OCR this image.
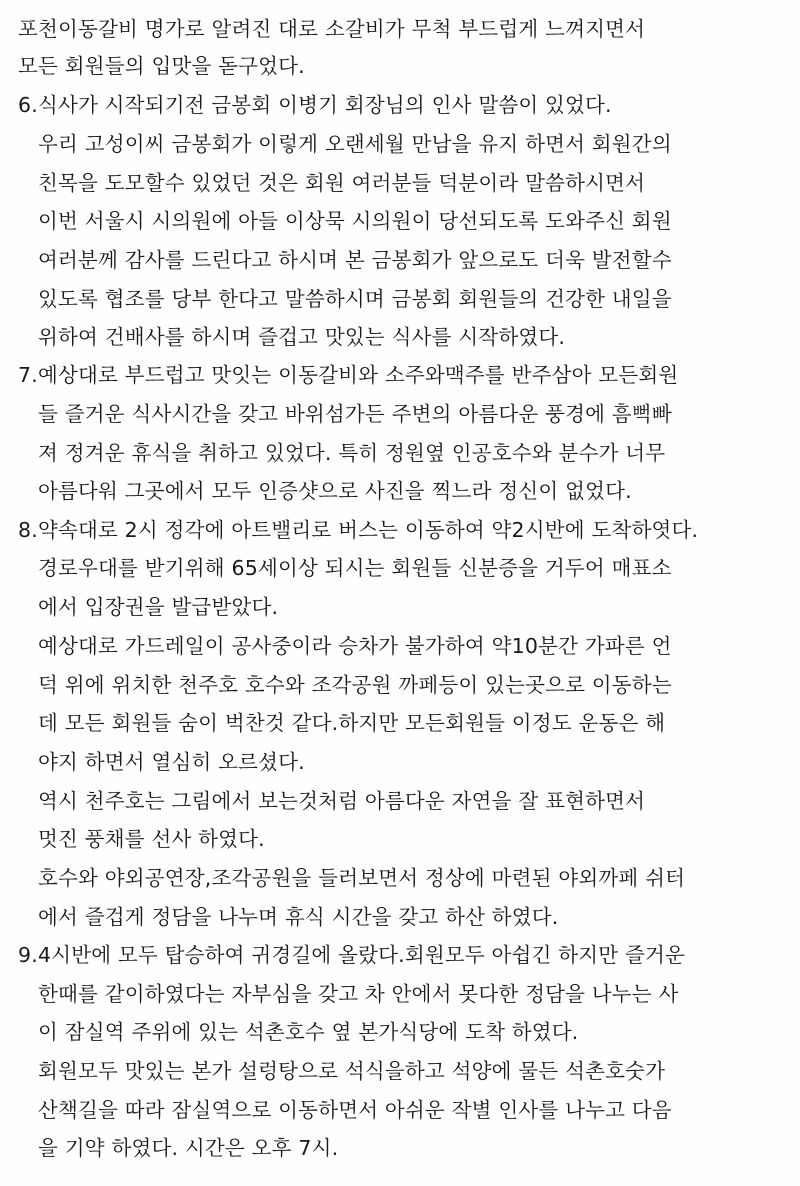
포천이동갈비 명가로 알려진 대로 소갈비가 무척 부드럽게 느껴지면서
모든 회원들의 입맛을 돋구었다.
6.식사가 시작되기전 금봉회 이병기 회장님의 인사 말씀이 있었다.
우리 고성이씨 금봉회가 이렇게 오랜세월 만남을 유지 하면서 회원간의
친목을 도모할수 있었던 것은 회원 여러분들 덕분이라 말씀하시면서
이번 서울시 시의원에 아들 이상묵 시의원이 당선되도록 도와주신 회원
여러분께 감사를 드린다고 하시며 본 금봉회가 앞으로도 더욱 발전할수
있도록 협조를 당부 한다고 말씀하시며 금봉회 회원들의 건강한 내일을
위하여 건배사를 하시며 즐겁고 맛있는 식사를 시작하였다.
7.예상대로 부드럽고 맛잇는 이동갈비와 소주와맥주를 반주삼아 모든회원
들 즐거운 식사시간을 갖고 바위섬가든 주변의 아름다운 풍경에 흠뻑빠
져 정겨운 휴식을 취하고 있었다. 특히 정원옆 인공호수와 분수가 너무
아름다워 그곳에서 모두 인증샷으로 사진을 찍느라 정신이 없었다.
8.약속대로 2시 정각에 아트밸리로 버스는 이동하여 약2시반에 도착하엿다.
경로우대를 받기위해 65세이상 되시는 회원들 신분증을 거두어 매표소
에서 입장권을 발급받았다.
예상대로 가드레일이 공사중이라 승차가 불가하여 약10분간 가파른 언
덕 위에 위치한 천주호 호수와 조각공원 까페등이 있는곳으로 이동하는
데 모든 회원들 숨이 벅찬것 같다.하지만 모든회원들 이정도 운동은 해
야지 하면서 열심히 오르셨다.
역시 천주호는 그림에서 보는것처럼 아름다운 자연을 잘 표현하면서
멋진 풍채를 선사 하였다.
호수와 야외공연장,조각공원을 들러보면서 정상에 마련된 야외까페 쉬터
에서 즐겁게 정담을 나누며 휴식 시간을 갖고 하산 하였다.
9.4시반에 모두 탑승하여 귀경길에 올랐다.회원모두 아쉽긴 하지만 즐거운
한때를 같이하였다는 자부심을 갖고 차 안에서 못다한 정담을 나누는 사
이 잠실역 주위에 있는 석촌호수 옆 본가식당에 도착 하였다.
회원모두 맛있는 본가 설렁탕으로 석식을하고 석양에 물든 석촌호숫가
산책길을 따라 잠실역으로 이동하면서 아쉬운 작별 인사를 나누고 다음
을 기약 하였다. 시간은 오후 7시.
